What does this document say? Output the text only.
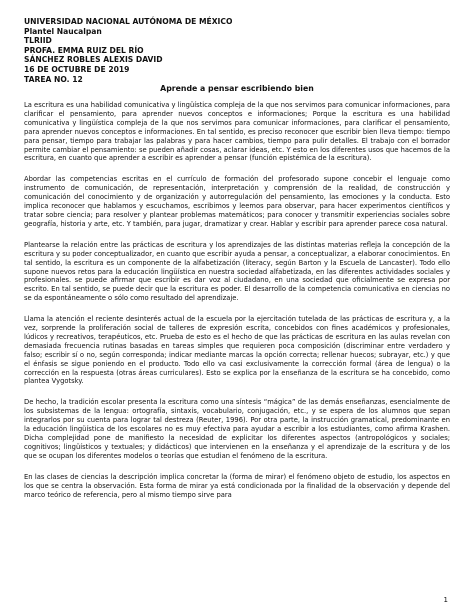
UNIVERSIDAD NACIONAL AUTÓNOMA DE MÉXICO
Plantel Naucalpan
TLRIID
PROFA. EMMA RUIZ DEL RÍO
SÁNCHEZ ROBLES ALEXIS DAVID
16 DE OCTUBRE DE 2019
TAREA NO. 12
Aprende a pensar escribiendo bien

La escritura es una habilidad comunicativa y lingüística compleja de la que nos servimos para comunicar informaciones, para clarificar el pensamiento, para aprender nuevos conceptos e informaciones; Porque la escritura es una habilidad comunicativa y lingüística compleja de la que nos servimos para comunicar informaciones, para clarificar el pensamiento, para aprender nuevos conceptos e informaciones. En tal sentido, es preciso reconocer que escribir bien lleva tiempo: tiempo para pensar, tiempo para trabajar las palabras y para hacer cambios, tiempo para pulir detalles. El trabajo con el borrador permite cambiar el pensamiento: se pueden añadir cosas, aclarar ideas, etc. Y esto en los diferentes usos que hacemos de la escritura, en cuanto que aprender a escribir es aprender a pensar (función epistémica de la escritura).

Abordar las competencias escritas en el currículo de formación del profesorado supone concebir el lenguaje como instrumento de comunicación, de representación, interpretación y comprensión de la realidad, de construcción y comunicación del conocimiento y de organización y autorregulación del pensamiento, las emociones y la conducta. Esto implica reconocer que hablamos y escuchamos, escribimos y leemos para observar, para hacer experimentos científicos y tratar sobre ciencia; para resolver y plantear problemas matemáticos; para conocer y transmitir experiencias sociales sobre geografía, historia y arte, etc. Y también, para jugar, dramatizar y crear. Hablar y escribir para aprender parece cosa natural.

Plantearse la relación entre las prácticas de escritura y los aprendizajes de las distintas materias refleja la concepción de la escritura y su poder conceptualizador, en cuanto que escribir ayuda a pensar, a conceptualizar, a elaborar conocimientos. En tal sentido, la escritura es un componente de la alfabetización (literacy, según Barton y la Escuela de Lancaster). Todo ello supone nuevos retos para la educación lingüística en nuestra sociedad alfabetizada, en las diferentes actividades sociales y profesionales. se puede afirmar que escribir es dar voz al ciudadano, en una sociedad que oficialmente se expresa por escrito. En tal sentido, se puede decir que la escritura es poder. El desarrollo de la competencia comunicativa en ciencias no se da espontáneamente o sólo como resultado del aprendizaje.

Llama la atención el reciente desinterés actual de la escuela por la ejercitación tutelada de las prácticas de escritura y, a la vez, sorprende la proliferación social de talleres de expresión escrita, concebidos con fines académicos y profesionales, lúdicos y recreativos, terapéuticos, etc. Prueba de esto es el hecho de que las prácticas de escritura en las aulas revelan con demasiada frecuencia rutinas basadas en tareas simples que requieren poca composición (discriminar entre verdadero y falso; escribir sí o no, según corresponda; indicar mediante marcas la opción correcta; rellenar huecos; subrayar, etc.) y que el énfasis se sigue poniendo en el producto. Todo ello va casi exclusivamente la corrección formal (área de lengua) o la corrección en la respuesta (otras áreas curriculares). Esto se explica por la enseñanza de la escritura se ha concebido, como plantea Vygotsky.

De hecho, la tradición escolar presenta la escritura como una síntesis “mágica” de las demás enseñanzas, esencialmente de los subsistemas de la lengua: ortografía, sintaxis, vocabulario, conjugación, etc., y se espera de los alumnos que sepan integrarlos por su cuenta para lograr tal destreza (Reuter, 1996). Por otra parte, la instrucción gramatical, predominante en la educación lingüística de los escolares no es muy efectiva para ayudar a escribir a los estudiantes, como afirma Krashen. Dicha complejidad pone de manifiesto la necesidad de explicitar los diferentes aspectos (antropológicos y sociales; cognitivos; lingüísticos y textuales; y didácticos) que intervienen en la enseñanza y el aprendizaje de la escritura y de los que se ocupan los diferentes modelos o teorías que estudian el fenómeno de la escritura.

En las clases de ciencias la descripción implica concretar la (forma de mirar) el fenómeno objeto de estudio, los aspectos en los que se centra la observación. Esta forma de mirar ya está condicionada por la finalidad de la observación y depende del marco teórico de referencia, pero al mismo tiempo sirve para

1
